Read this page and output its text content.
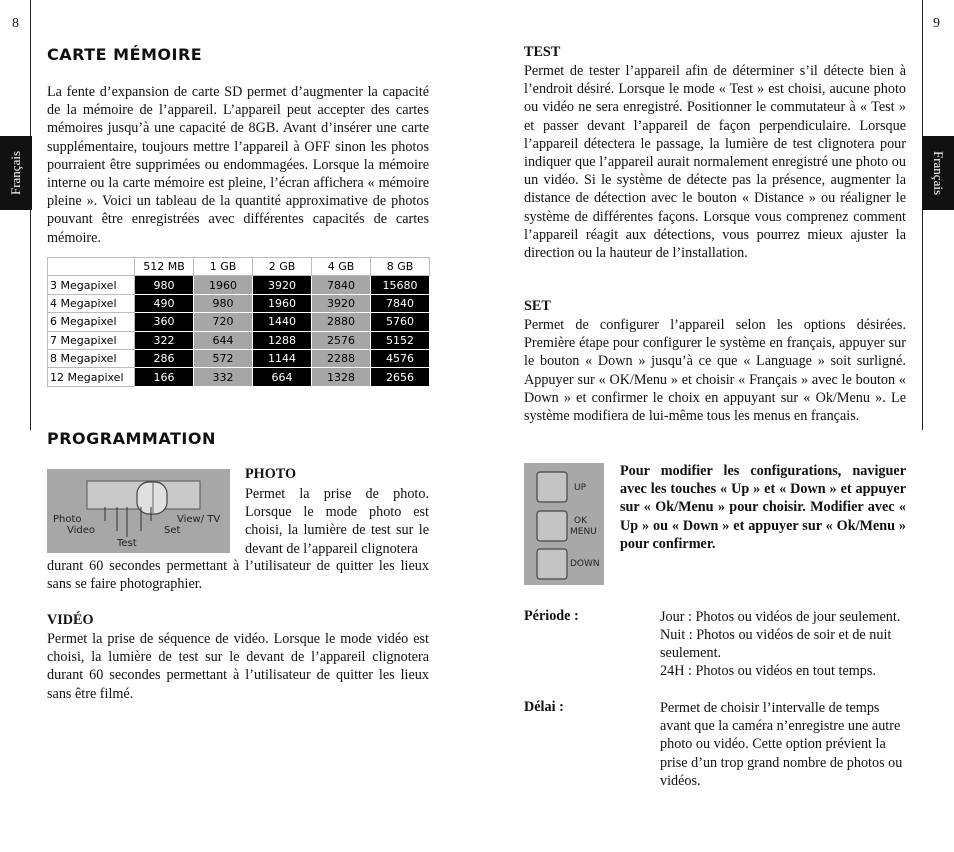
8	9
Français	Français
CARTE MÉMOIRE

La fente d’expansion de carte SD permet d’augmenter la capacité de la mémoire de l’appareil. L’appareil peut accepter des cartes mémoires jusqu’à une capacité de 8GB. Avant d’insérer une carte supplémentaire, toujours mettre l’appareil à OFF sinon les photos pourraient être supprimées ou endommagées. Lorsque la mémoire interne ou la carte mémoire est pleine, l’écran affichera « mémoire pleine ». Voici un tableau de la quantité approximative de photos pouvant être enregistrées avec différentes capacités de cartes mémoire.

	512 MB	1 GB	2 GB	4 GB	8 GB
3 Megapixel	980	1960	3920	7840	15680
4 Megapixel	490	980	1960	3920	7840
6 Megapixel	360	720	1440	2880	5760
7 Megapixel	322	644	1288	2576	5152
8 Megapixel	286	572	1144	2288	4576
12 Megapixel	166	332	664	1328	2656
PROGRAMMATION
Photo
Video
Test
Set
View/ TV
PHOTO

Permet la prise de photo. Lorsque le mode photo est choisi, la lumière de test sur le devant de l’appareil clignotera

durant 60 secondes permettant à l’utilisateur de quitter les lieux sans se faire photographier.

VIDÉO

Permet la prise de séquence de vidéo. Lorsque le mode vidéo est choisi, la lumière de test sur le devant de l’appareil clignotera durant 60 secondes permettant à l’utilisateur de quitter les lieux sans être filmé.

TEST

Permet de tester l’appareil afin de déterminer s’il détecte bien à l’endroit désiré. Lorsque le mode « Test » est choisi, aucune photo ou vidéo ne sera enregistré. Positionner le commutateur à « Test » et passer devant l’appareil de façon perpendiculaire. Lorsque l’appareil détectera le passage, la lumière de test clignotera pour indiquer que l’appareil aurait normalement enregistré une photo ou un vidéo. Si le système de détecte pas la présence, augmenter la distance de détection avec le bouton « Distance » ou réaligner le système de différentes façons. Lorsque vous comprenez comment l’appareil réagit aux détections, vous pourrez mieux ajuster la direction ou la hauteur de l’installation.

SET

Permet de configurer l’appareil selon les options désirées. Première étape pour configurer le système en français, appuyer sur le bouton « Down » jusqu’à ce que « Language » soit surligné. Appuyer sur « OK/Menu » et choisir « Français » avec le bouton « Down » et confirmer le choix en appuyant sur « Ok/Menu ». Le système modifiera de lui-même tous les menus en français.

UP
OK
MENU
DOWN

Pour modifier les configurations, naviguer avec les touches « Up » et « Down » et appuyer sur « Ok/Menu » pour choisir. Modifier avec « Up » ou « Down » et appuyer sur « Ok/Menu » pour confirmer.

Période :	Jour : Photos ou vidéos de jour seulement.
Nuit : Photos ou vidéos de soir et de nuit seulement.
24H : Photos ou vidéos en tout temps.
Délai :	Permet de choisir l’intervalle de temps avant que la caméra n’enregistre une autre photo ou vidéo. Cette option prévient la prise d’un trop grand nombre de photos ou vidéos.
